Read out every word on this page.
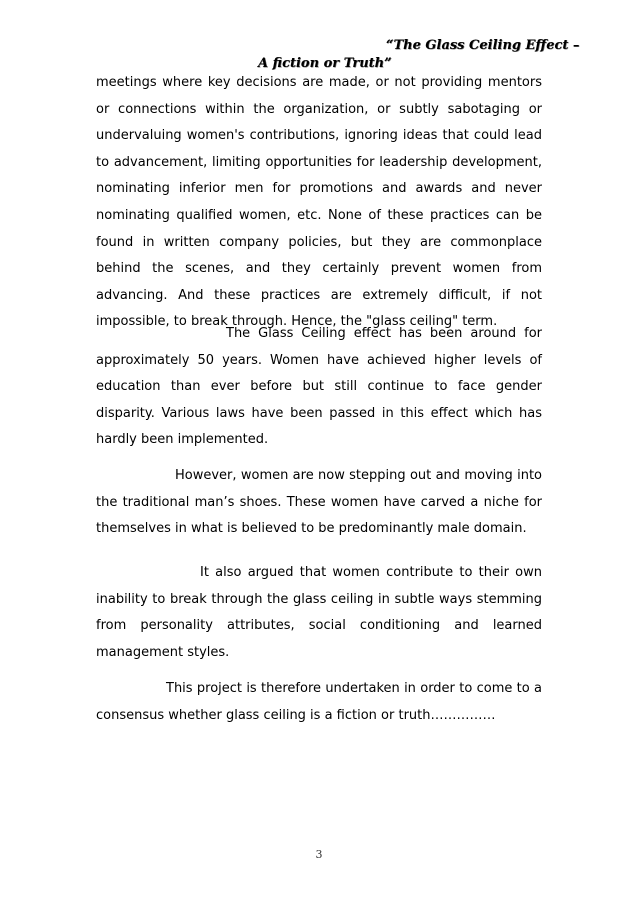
“The Glass Ceiling Effect –
A fiction or Truth”

meetings where key decisions are made, or not providing mentors or connections within the organization, or subtly sabotaging or undervaluing women's contributions, ignoring ideas that could lead to advancement, limiting opportunities for leadership development, nominating inferior men for promotions and awards and never nominating qualified women, etc. None of these practices can be found in written company policies, but they are commonplace behind the scenes, and they certainly prevent women from advancing. And these practices are extremely difficult, if not impossible, to break through. Hence, the "glass ceiling" term.

The Glass Ceiling effect has been around for approximately 50 years. Women have achieved higher levels of education than ever before but still continue to face gender disparity. Various laws have been passed in this effect which has hardly been implemented.

However, women are now stepping out and moving into the traditional man’s shoes. These women have carved a niche for themselves in what is believed to be predominantly male domain.

It also argued that women contribute to their own inability to break through the glass ceiling in subtle ways stemming from personality attributes, social conditioning and learned management styles.

This project is therefore undertaken in order to come to a consensus whether glass ceiling is a fiction or truth……………

3
